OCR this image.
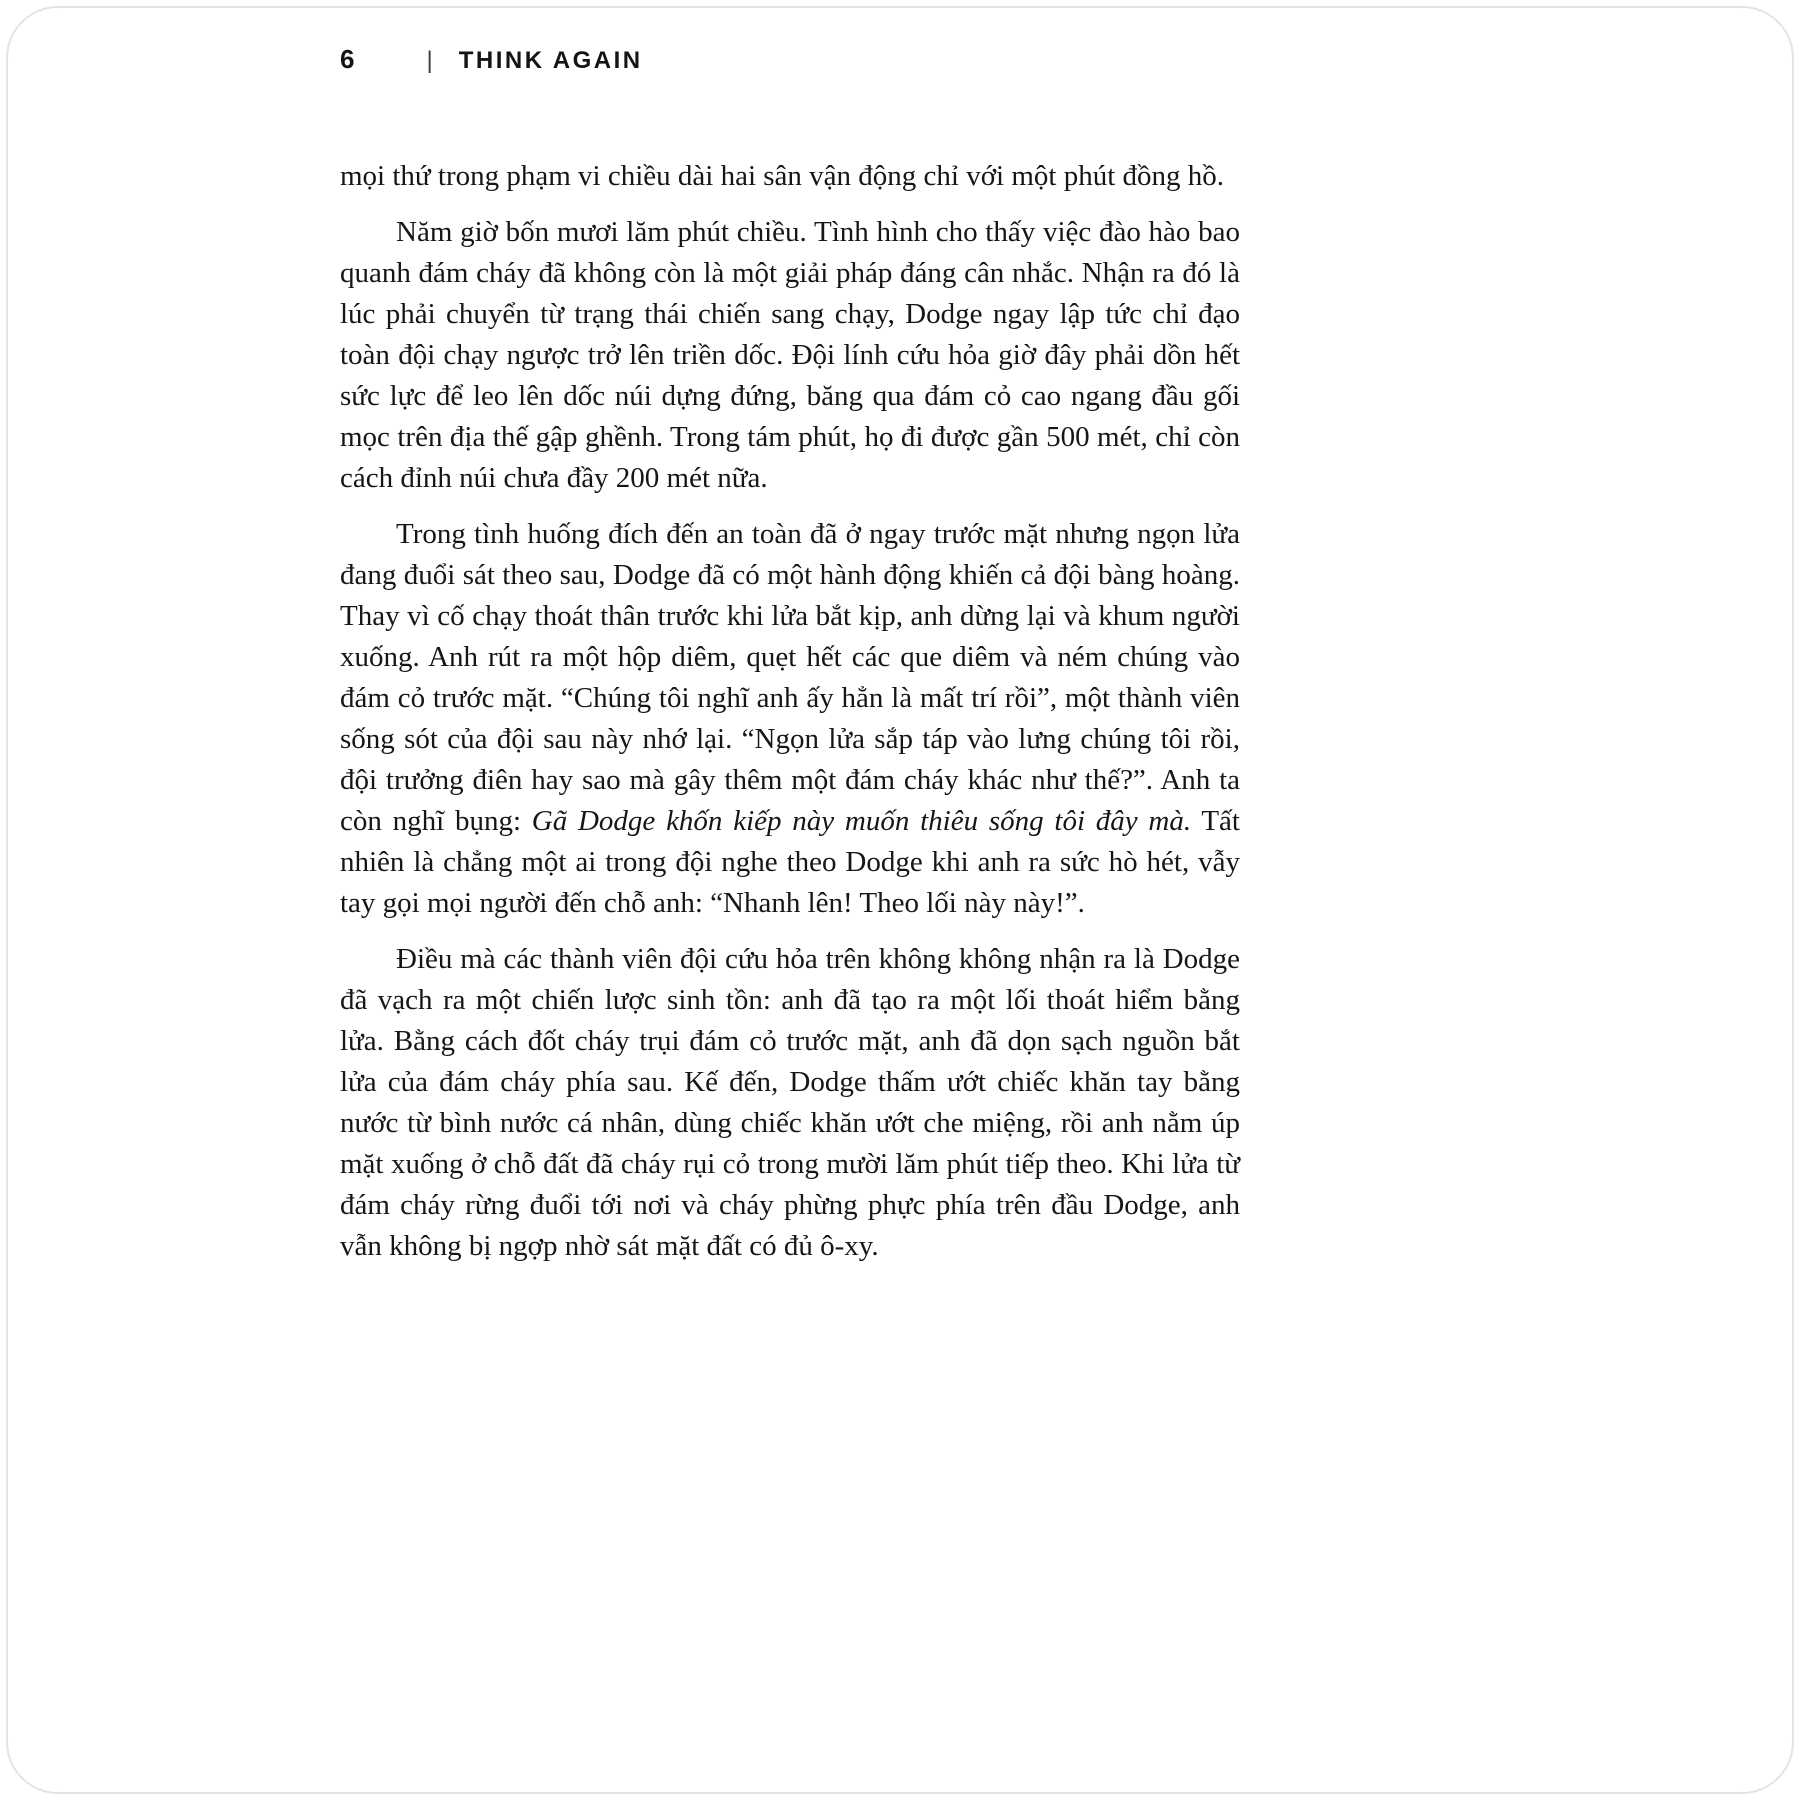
6	| THINK AGAIN

mọi thứ trong phạm vi chiều dài hai sân vận động chỉ với một phút đồng hồ.

Năm giờ bốn mươi lăm phút chiều. Tình hình cho thấy việc đào hào bao quanh đám cháy đã không còn là một giải pháp đáng cân nhắc. Nhận ra đó là lúc phải chuyển từ trạng thái chiến sang chạy, Dodge ngay lập tức chỉ đạo toàn đội chạy ngược trở lên triền dốc. Đội lính cứu hỏa giờ đây phải dồn hết sức lực để leo lên dốc núi dựng đứng, băng qua đám cỏ cao ngang đầu gối mọc trên địa thế gập ghềnh. Trong tám phút, họ đi được gần 500 mét, chỉ còn cách đỉnh núi chưa đầy 200 mét nữa.

Trong tình huống đích đến an toàn đã ở ngay trước mặt nhưng ngọn lửa đang đuổi sát theo sau, Dodge đã có một hành động khiến cả đội bàng hoàng. Thay vì cố chạy thoát thân trước khi lửa bắt kịp, anh dừng lại và khum người xuống. Anh rút ra một hộp diêm, quẹt hết các que diêm và ném chúng vào đám cỏ trước mặt. “Chúng tôi nghĩ anh ấy hẳn là mất trí rồi”, một thành viên sống sót của đội sau này nhớ lại. “Ngọn lửa sắp táp vào lưng chúng tôi rồi, đội trưởng điên hay sao mà gây thêm một đám cháy khác như thế?”. Anh ta còn nghĩ bụng: Gã Dodge khốn kiếp này muốn thiêu sống tôi đây mà. Tất nhiên là chẳng một ai trong đội nghe theo Dodge khi anh ra sức hò hét, vẫy tay gọi mọi người đến chỗ anh: “Nhanh lên! Theo lối này này!”.

Điều mà các thành viên đội cứu hỏa trên không không nhận ra là Dodge đã vạch ra một chiến lược sinh tồn: anh đã tạo ra một lối thoát hiểm bằng lửa. Bằng cách đốt cháy trụi đám cỏ trước mặt, anh đã dọn sạch nguồn bắt lửa của đám cháy phía sau. Kế đến, Dodge thấm ướt chiếc khăn tay bằng nước từ bình nước cá nhân, dùng chiếc khăn ướt che miệng, rồi anh nằm úp mặt xuống ở chỗ đất đã cháy rụi cỏ trong mười lăm phút tiếp theo. Khi lửa từ đám cháy rừng đuổi tới nơi và cháy phừng phực phía trên đầu Dodge, anh vẫn không bị ngợp nhờ sát mặt đất có đủ ô-xy.
